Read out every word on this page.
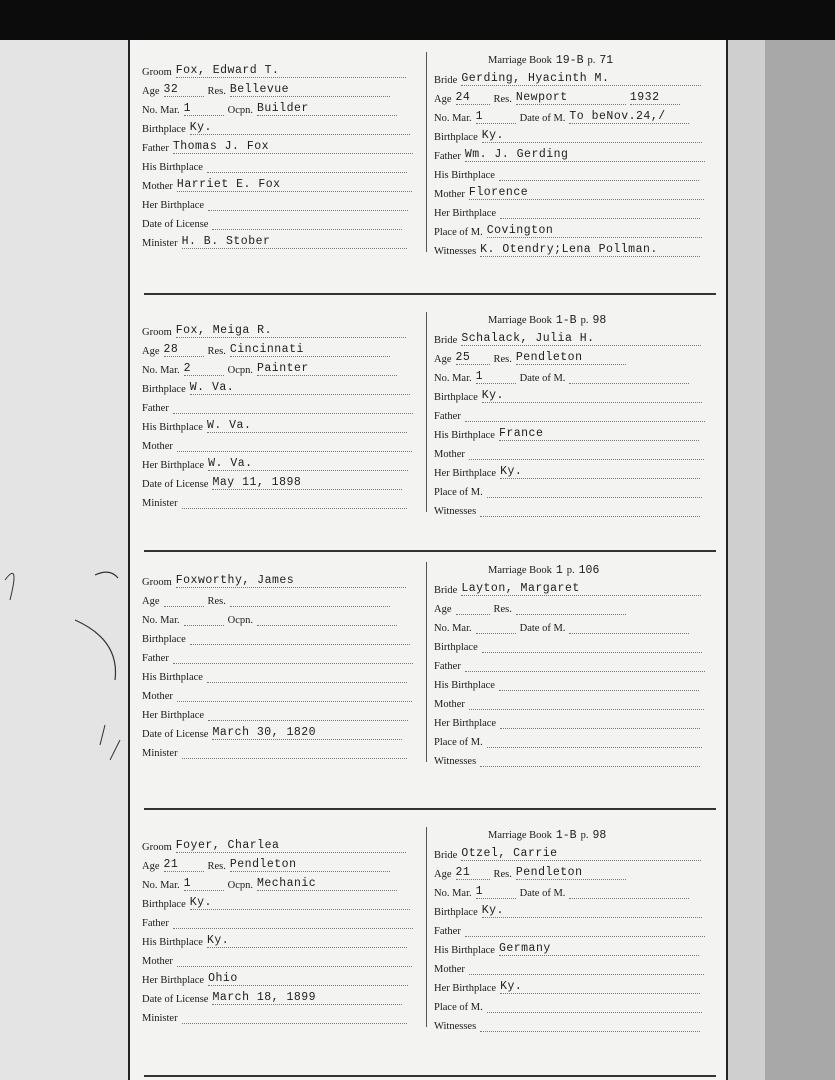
Marriage Book 19-B p. 71
Groom Fox, Edward T.
Age 32	Res. Bellevue
No. Mar. 1	Ocpn. Builder
Birthplace Ky.
Father Thomas J. Fox
His Birthplace
Mother Harriet E. Fox
Her Birthplace
Date of License
Minister H. B. Stober
Bride Gerding, Hyacinth M.
Age 24 Res. Newport	1932
No. Mar. 1	Date of M. To beNov.24,/
Birthplace Ky.
Father Wm. J. Gerding
His Birthplace
Mother Florence
Her Birthplace
Place of M. Covington
Witnesses K. Otendry;Lena Pollman.
Marriage Book 1-B p. 98
Groom Fox, Meiga R.
Age 28	Res. Cincinnati
No. Mar. 2	Ocpn. Painter
Birthplace W. Va.
Father
His Birthplace W. Va.
Mother
Her Birthplace W. Va.
Date of License May 11, 1898
Minister
Bride Schalack, Julia H.
Age 25 Res. Pendleton
No. Mar. 1	Date of M.
Birthplace Ky.
Father
His Birthplace France
Mother
Her Birthplace Ky.
Place of M.
Witnesses
Marriage Book 1 p. 106
Groom Foxworthy, James
Age	Res.
No. Mar.	Ocpn.
Birthplace
Father
His Birthplace
Mother
Her Birthplace
Date of License March 30, 1820
Minister
Bride Layton, Margaret
Age	Res.
No. Mar.	Date of M.
Birthplace
Father
His Birthplace
Mother
Her Birthplace
Place of M.
Witnesses
Marriage Book 1-B p. 98
Groom Foyer, Charlea
Age 21	Res. Pendleton
No. Mar. 1	Ocpn. Mechanic
Birthplace Ky.
Father
His Birthplace Ky.
Mother
Her Birthplace Ohio
Date of License March 18, 1899
Minister
Bride Otzel, Carrie
Age 21 Res. Pendleton
No. Mar. 1	Date of M.
Birthplace Ky.
Father
His Birthplace Germany
Mother
Her Birthplace Ky.
Place of M.
Witnesses
